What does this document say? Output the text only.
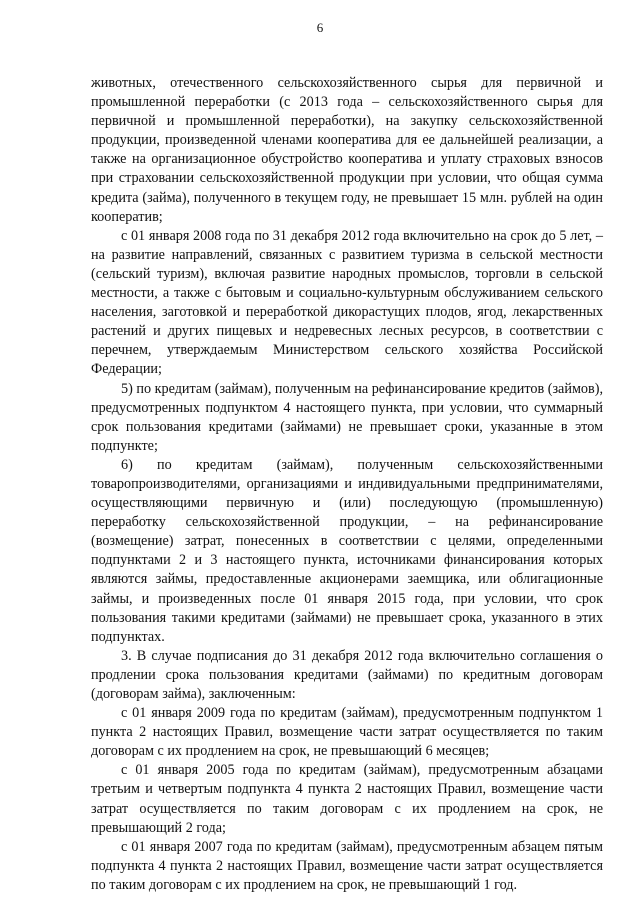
6

животных, отечественного сельскохозяйственного сырья для первичной и промышленной переработки (с 2013 года – сельскохозяйственного сырья для первичной и промышленной переработки), на закупку сельскохозяйственной продукции, произведенной членами кооператива для ее дальнейшей реализации, а также на организационное обустройство кооператива и уплату страховых взносов при страховании сельскохозяйственной продукции при условии, что общая сумма кредита (займа), полученного в текущем году, не превышает 15 млн. рублей на один кооператив;

с 01 января 2008 года по 31 декабря 2012 года включительно на срок до 5 лет, – на развитие направлений, связанных с развитием туризма в сельской местности (сельский туризм), включая развитие народных промыслов, торговли в сельской местности, а также с бытовым и социально-культурным обслуживанием сельского населения, заготовкой и переработкой дикорастущих плодов, ягод, лекарственных растений и других пищевых и недревесных лесных ресурсов, в соответствии с перечнем, утверждаемым Министерством сельского хозяйства Российской Федерации;

5) по кредитам (займам), полученным на рефинансирование кредитов (займов), предусмотренных подпунктом 4 настоящего пункта, при условии, что суммарный срок пользования кредитами (займами) не превышает сроки, указанные в этом подпункте;

6) по кредитам (займам), полученным сельскохозяйственными товаропроизводителями, организациями и индивидуальными предпринимателями, осуществляющими первичную и (или) последующую (промышленную) переработку сельскохозяйственной продукции, – на рефинансирование (возмещение) затрат, понесенных в соответствии с целями, определенными подпунктами 2 и 3 настоящего пункта, источниками финансирования которых являются займы, предоставленные акционерами заемщика, или облигационные займы, и произведенных после 01 января 2015 года, при условии, что срок пользования такими кредитами (займами) не превышает срока, указанного в этих подпунктах.

3. В случае подписания до 31 декабря 2012 года включительно соглашения о продлении срока пользования кредитами (займами) по кредитным договорам (договорам займа), заключенным:

с 01 января 2009 года по кредитам (займам), предусмотренным подпунктом 1 пункта 2 настоящих Правил, возмещение части затрат осуществляется по таким договорам с их продлением на срок, не превышающий 6 месяцев;

с 01 января 2005 года по кредитам (займам), предусмотренным абзацами третьим и четвертым подпункта 4 пункта 2 настоящих Правил, возмещение части затрат осуществляется по таким договорам с их продлением на срок, не превышающий 2 года;

с 01 января 2007 года по кредитам (займам), предусмотренным абзацем пятым подпункта 4 пункта 2 настоящих Правил, возмещение части затрат осуществляется по таким договорам с их продлением на срок, не превышающий 1 год.
